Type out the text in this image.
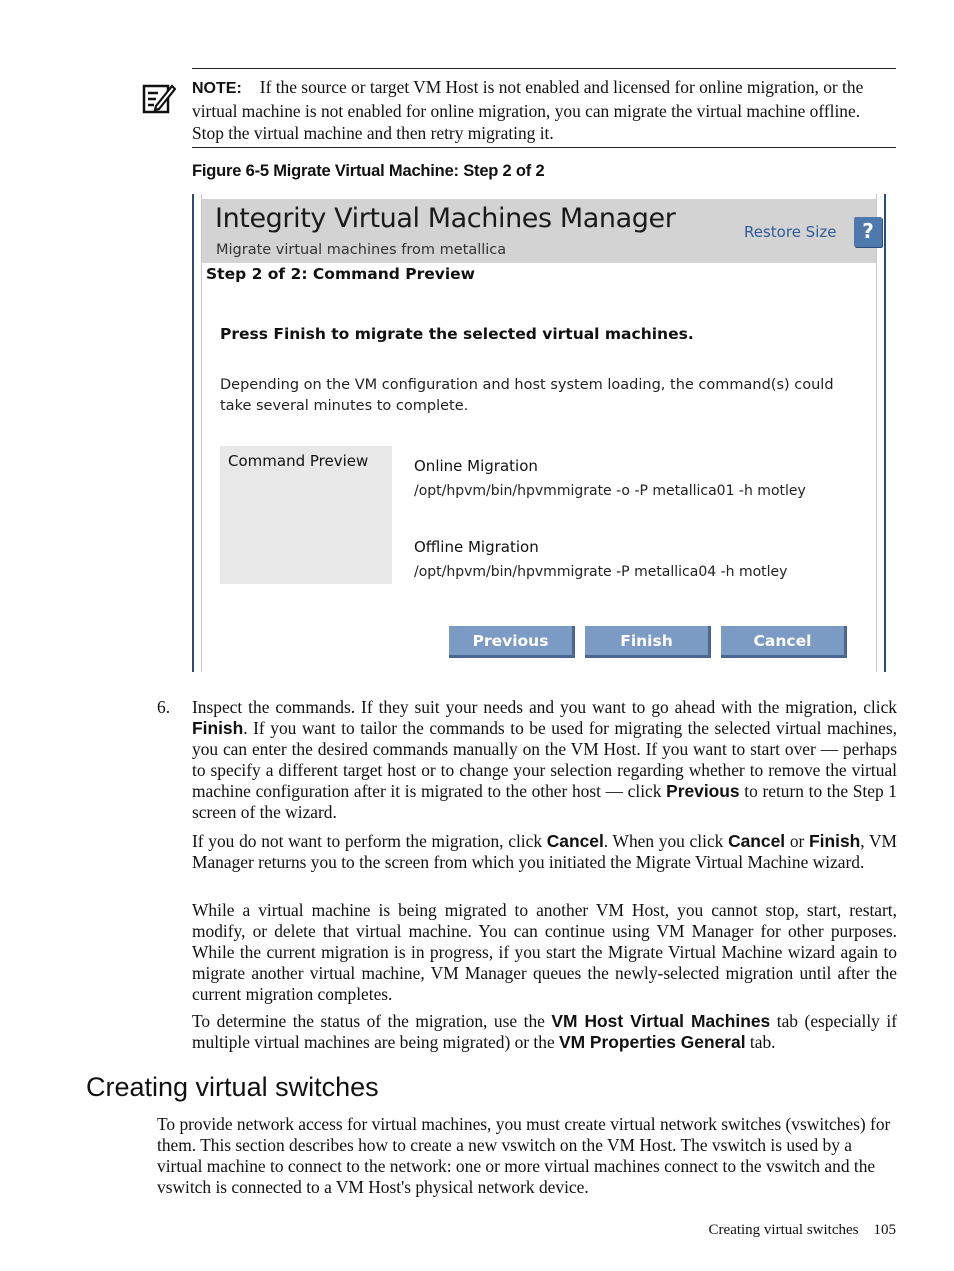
NOTE: If the source or target VM Host is not enabled and licensed for online migration, or the virtual machine is not enabled for online migration, you can migrate the virtual machine offline. Stop the virtual machine and then retry migrating it.
Figure 6-5 Migrate Virtual Machine: Step 2 of 2
Integrity Virtual Machines Manager
Migrate virtual machines from metallica
Restore Size	?
Step 2 of 2: Command Preview
Press Finish to migrate the selected virtual machines.
Depending on the VM configuration and host system loading, the command(s) could take several minutes to complete.
Command Preview	Online Migration
/opt/hpvm/bin/hpvmmigrate -o -P metallica01 -h motley
Offline Migration
/opt/hpvm/bin/hpvmmigrate -P metallica04 -h motley
Previous	Finish	Cancel
6. Inspect the commands. If they suit your needs and you want to go ahead with the migration, click Finish. If you want to tailor the commands to be used for migrating the selected virtual machines, you can enter the desired commands manually on the VM Host. If you want to start over — perhaps to specify a different target host or to change your selection regarding whether to remove the virtual machine configuration after it is migrated to the other host — click Previous to return to the Step 1 screen of the wizard.
If you do not want to perform the migration, click Cancel. When you click Cancel or Finish, VM Manager returns you to the screen from which you initiated the Migrate Virtual Machine wizard.
While a virtual machine is being migrated to another VM Host, you cannot stop, start, restart, modify, or delete that virtual machine. You can continue using VM Manager for other purposes. While the current migration is in progress, if you start the Migrate Virtual Machine wizard again to migrate another virtual machine, VM Manager queues the newly-selected migration until after the current migration completes.
To determine the status of the migration, use the VM Host Virtual Machines tab (especially if multiple virtual machines are being migrated) or the VM Properties General tab.
Creating virtual switches
To provide network access for virtual machines, you must create virtual network switches (vswitches) for them. This section describes how to create a new vswitch on the VM Host. The vswitch is used by a virtual machine to connect to the network: one or more virtual machines connect to the vswitch and the vswitch is connected to a VM Host's physical network device.
Creating virtual switches 105
